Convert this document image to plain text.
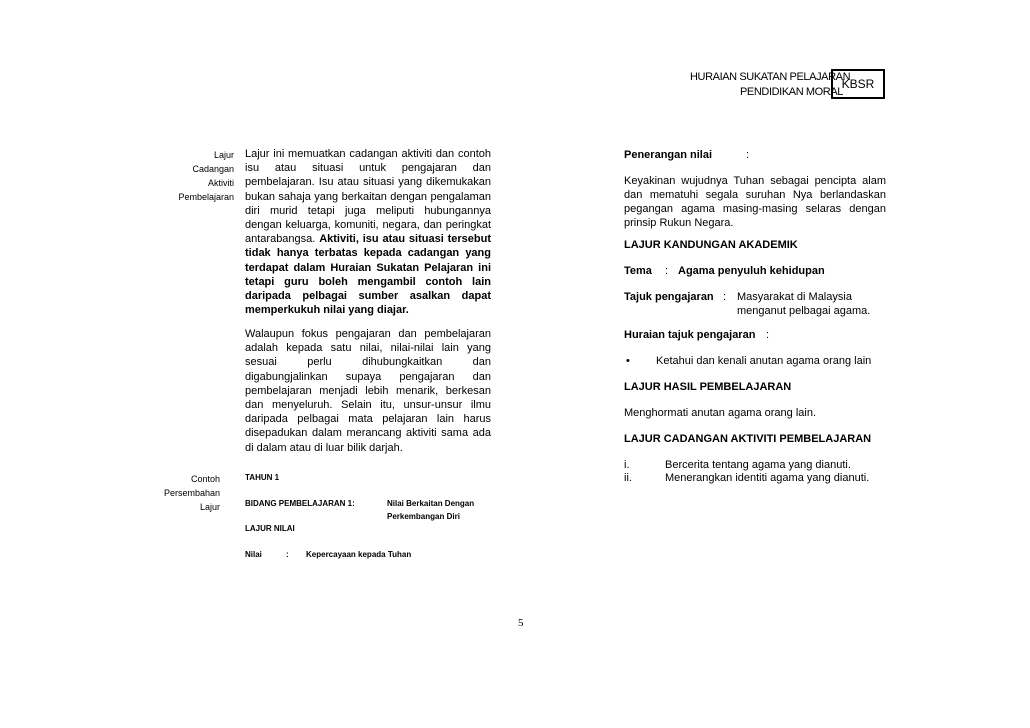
HURAIAN SUKATAN PELAJARAN
PENDIDIKAN MORAL
KBSR
Lajur
Cadangan
Aktiviti
Pembelajaran
Contoh
Persembahan
Lajur
Lajur ini memuatkan cadangan aktiviti dan contoh isu atau situasi untuk pengajaran dan pembelajaran. Isu atau situasi yang dikemukakan bukan sahaja yang berkaitan dengan pengalaman diri murid tetapi juga meliputi hubungannya dengan keluarga, komuniti, negara, dan peringkat antarabangsa. Aktiviti, isu atau situasi tersebut tidak hanya terbatas kepada cadangan yang terdapat dalam Huraian Sukatan Pelajaran ini tetapi guru boleh mengambil contoh lain daripada pelbagai sumber asalkan dapat memperkukuh nilai yang diajar.
Walaupun fokus pengajaran dan pembelajaran adalah kepada satu nilai, nilai-nilai lain yang sesuai perlu dihubungkaitkan dan digabungjalinkan supaya pengajaran dan pembelajaran menjadi lebih menarik, berkesan dan menyeluruh. Selain itu, unsur-unsur ilmu daripada pelbagai mata pelajaran lain harus disepadukan dalam merancang aktiviti sama ada di dalam atau di luar bilik darjah.
TAHUN 1
BIDANG PEMBELAJARAN 1:	Nilai Berkaitan Dengan
Perkembangan Diri
LAJUR NILAI
Nilai	: Kepercayaan kepada Tuhan
Penerangan nilai	:
Keyakinan wujudnya Tuhan sebagai pencipta alam dan mematuhi segala suruhan Nya berlandaskan pegangan agama masing-masing selaras dengan prinsip Rukun Negara.
LAJUR KANDUNGAN AKADEMIK
Tema	: Agama penyuluh kehidupan
Tajuk pengajaran : Masyarakat di Malaysia
menganut pelbagai agama.
Huraian tajuk pengajaran :
• Ketahui dan kenali anutan agama orang lain
LAJUR HASIL PEMBELAJARAN
Menghormati anutan agama orang lain.
LAJUR CADANGAN AKTIVITI PEMBELAJARAN
i.	Bercerita tentang agama yang dianuti.
ii.	Menerangkan identiti agama yang dianuti.
5
